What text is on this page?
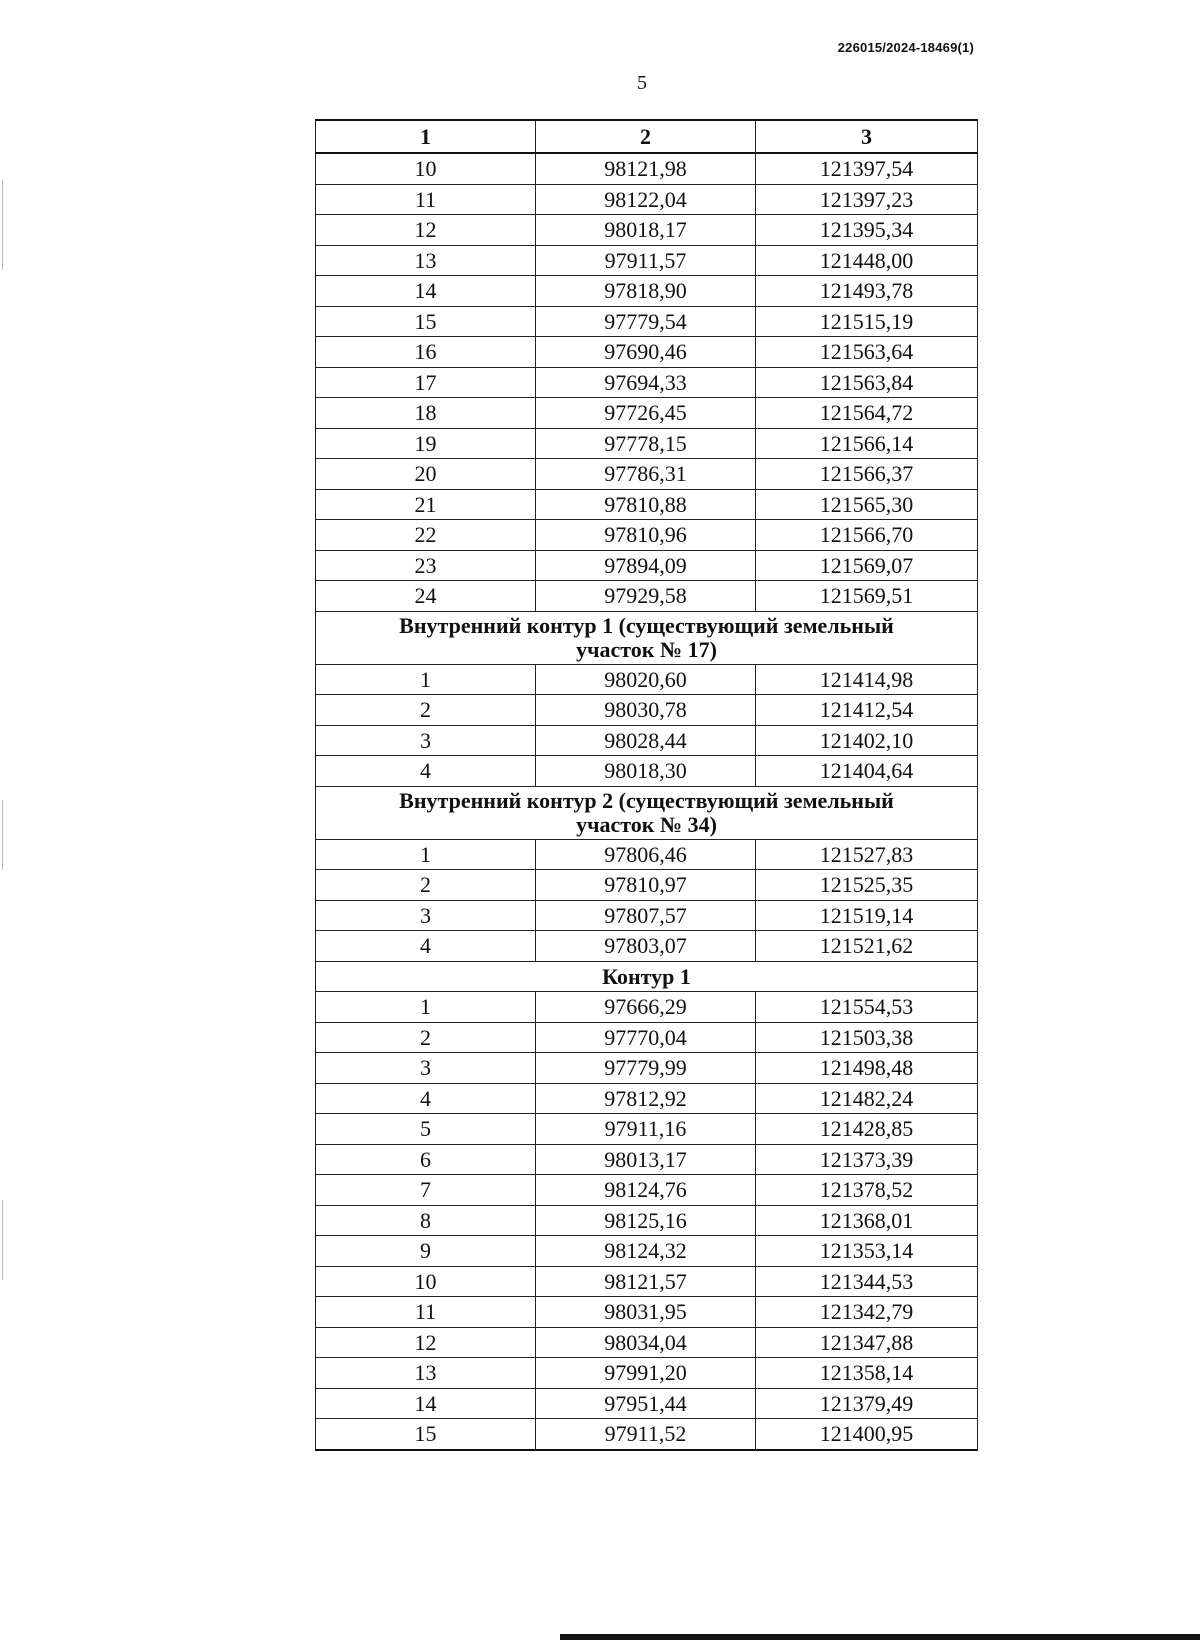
226015/2024-18469(1)
5
1	2	3
10	98121,98	121397,54
11	98122,04	121397,23
12	98018,17	121395,34
13	97911,57	121448,00
14	97818,90	121493,78
15	97779,54	121515,19
16	97690,46	121563,64
17	97694,33	121563,84
18	97726,45	121564,72
19	97778,15	121566,14
20	97786,31	121566,37
21	97810,88	121565,30
22	97810,96	121566,70
23	97894,09	121569,07
24	97929,58	121569,51

Внутренний контур 1 (существующий земельный
участок № 17)		

1	98020,60	121414,98
2	98030,78	121412,54
3	98028,44	121402,10
4	98018,30	121404,64

Внутренний контур 2 (существующий земельный
участок № 34)		

1	97806,46	121527,83
2	97810,97	121525,35
3	97807,57	121519,14
4	97803,07	121521,62

Контур 1		

1	97666,29	121554,53
2	97770,04	121503,38
3	97779,99	121498,48
4	97812,92	121482,24
5	97911,16	121428,85
6	98013,17	121373,39
7	98124,76	121378,52
8	98125,16	121368,01
9	98124,32	121353,14
10	98121,57	121344,53
11	98031,95	121342,79
12	98034,04	121347,88
13	97991,20	121358,14
14	97951,44	121379,49
15	97911,52	121400,95
